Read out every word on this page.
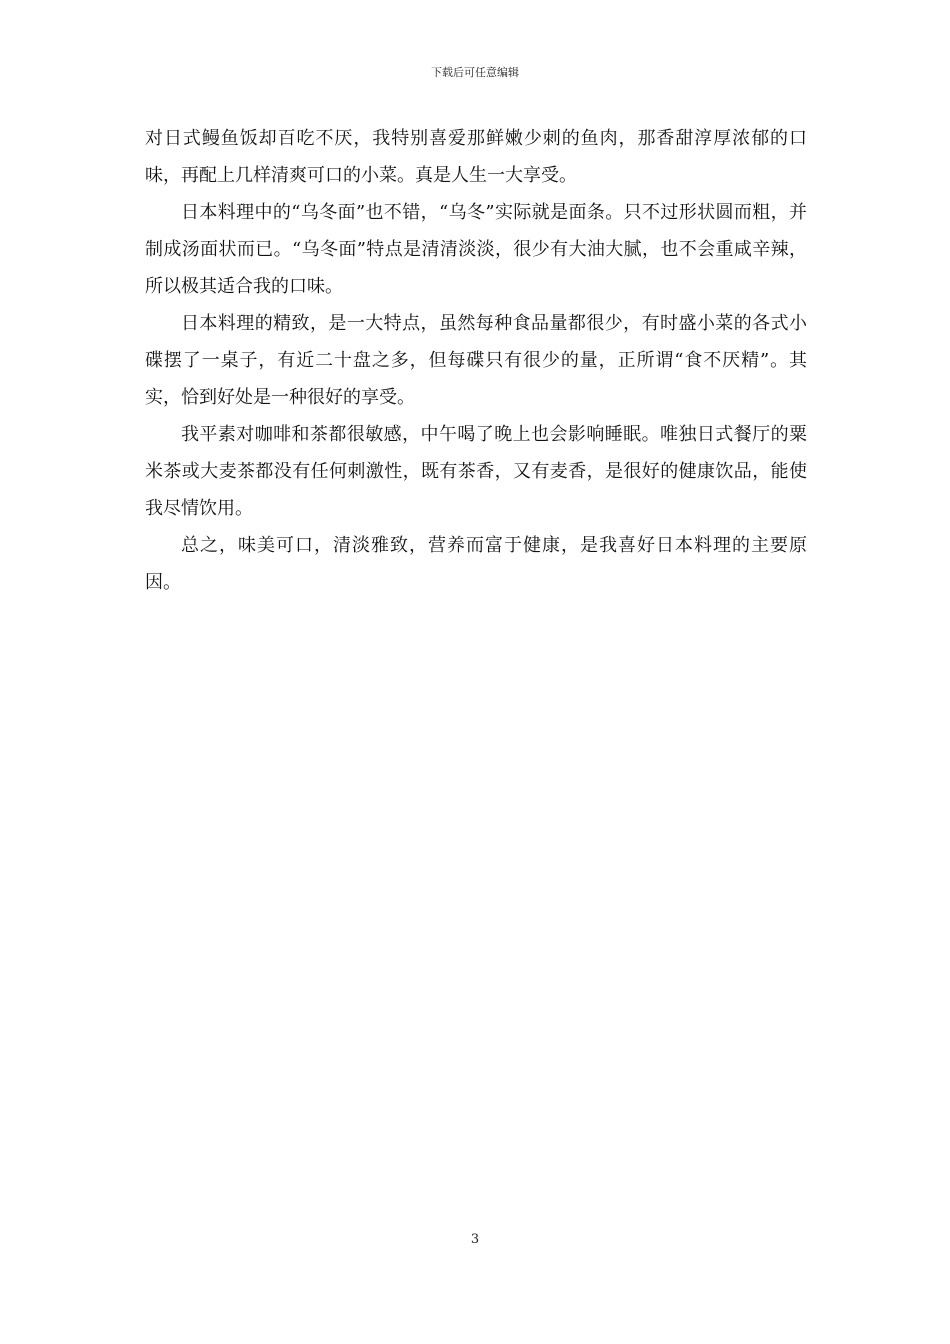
下载后可任意编辑

对日式鳗鱼饭却百吃不厌，我特别喜爱那鲜嫩少刺的鱼肉，那香甜淳厚浓郁的口味，再配上几样清爽可口的小菜。真是人生一大享受。

日本料理中的“乌冬面”也不错，“乌冬”实际就是面条。只不过形状圆而粗，并制成汤面状而已。“乌冬面”特点是清清淡淡，很少有大油大腻，也不会重咸辛辣，所以极其适合我的口味。

日本料理的精致，是一大特点，虽然每种食品量都很少，有时盛小菜的各式小碟摆了一桌子，有近二十盘之多，但每碟只有很少的量，正所谓“食不厌精”。其实，恰到好处是一种很好的享受。

我平素对咖啡和茶都很敏感，中午喝了晚上也会影响睡眠。唯独日式餐厅的粟米茶或大麦茶都没有任何刺激性，既有茶香，又有麦香，是很好的健康饮品，能使我尽情饮用。

总之，味美可口，清淡雅致，营养而富于健康，是我喜好日本料理的主要原因。

3
